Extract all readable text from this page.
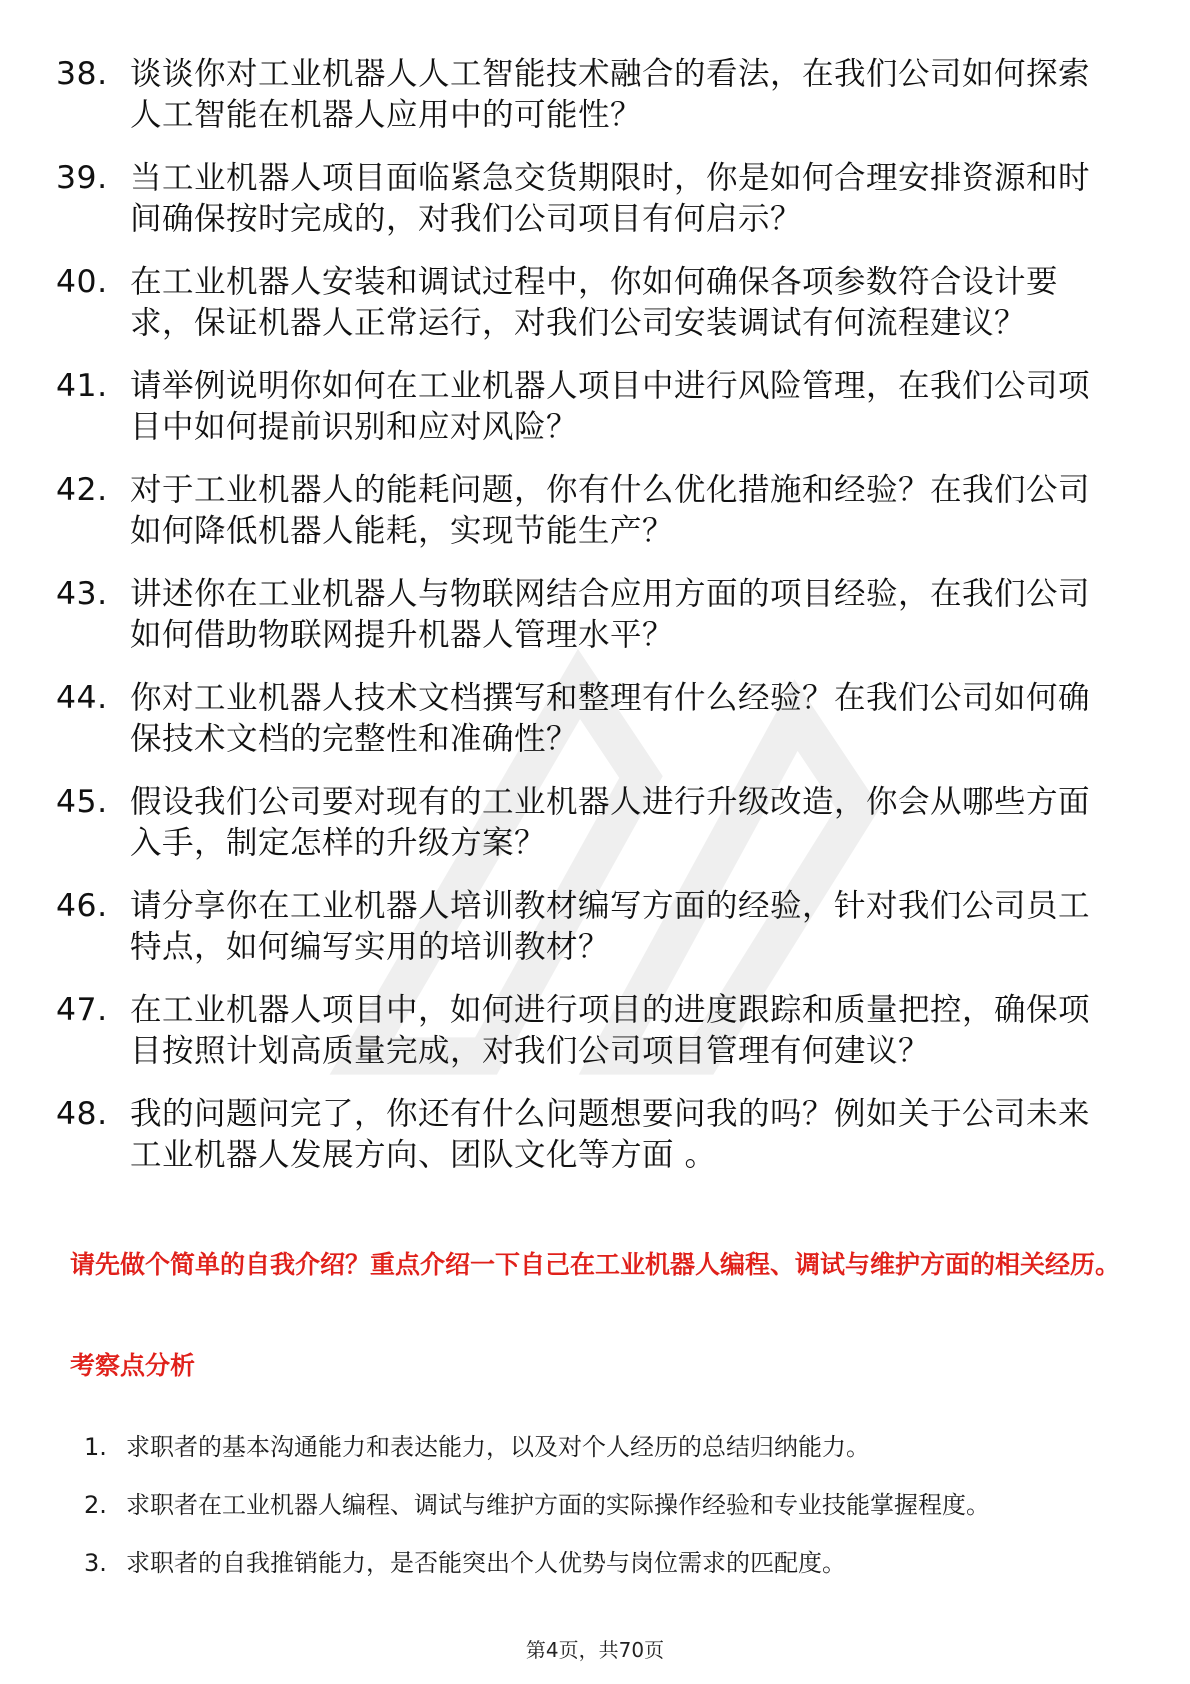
38. 谈谈你对工业机器人人工智能技术融合的看法，在我们公司如何探索人工智能在机器人应用中的可能性？
39. 当工业机器人项目面临紧急交货期限时，你是如何合理安排资源和时间确保按时完成的，对我们公司项目有何启示？
40. 在工业机器人安装和调试过程中，你如何确保各项参数符合设计要求，保证机器人正常运行，对我们公司安装调试有何流程建议？
41. 请举例说明你如何在工业机器人项目中进行风险管理，在我们公司项目中如何提前识别和应对风险？
42. 对于工业机器人的能耗问题，你有什么优化措施和经验？在我们公司如何降低机器人能耗，实现节能生产？
43. 讲述你在工业机器人与物联网结合应用方面的项目经验，在我们公司如何借助物联网提升机器人管理水平？
44. 你对工业机器人技术文档撰写和整理有什么经验？在我们公司如何确保技术文档的完整性和准确性？
45. 假设我们公司要对现有的工业机器人进行升级改造，你会从哪些方面入手，制定怎样的升级方案？
46. 请分享你在工业机器人培训教材编写方面的经验，针对我们公司员工特点，如何编写实用的培训教材？
47. 在工业机器人项目中，如何进行项目的进度跟踪和质量把控，确保项目按照计划高质量完成，对我们公司项目管理有何建议？
48. 我的问题问完了，你还有什么问题想要问我的吗？例如关于公司未来工业机器人发展方向、团队文化等方面 。
请先做个简单的自我介绍？重点介绍一下自己在工业机器人编程、调试与维护方面的相关经历。
考察点分析
1. 求职者的基本沟通能力和表达能力，以及对个人经历的总结归纳能力。
2. 求职者在工业机器人编程、调试与维护方面的实际操作经验和专业技能掌握程度。
3. 求职者的自我推销能力，是否能突出个人优势与岗位需求的匹配度。
第4页，共70页
